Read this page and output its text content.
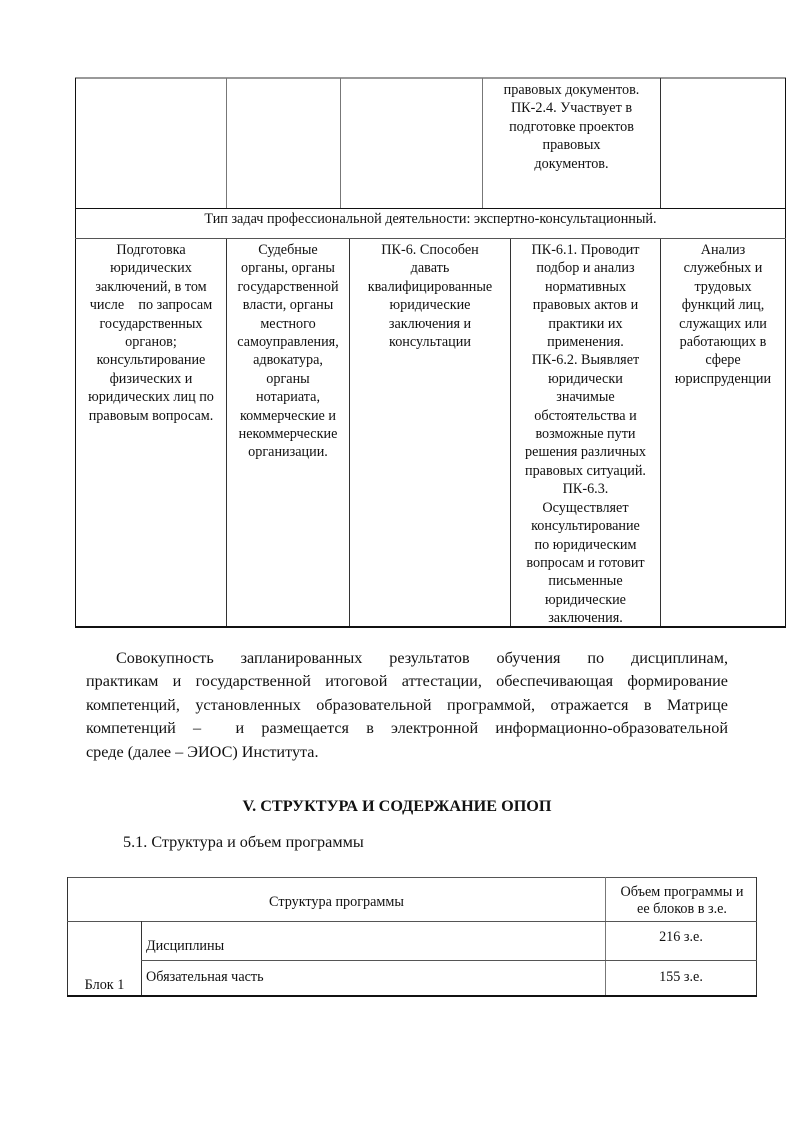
правовых документов.
ПК-2.4. Участвует в
подготовке проектов
правовых
документов.
Тип задач профессиональной деятельности: экспертно-консультационный.
Подготовка
юридических
заключений, в том
числе    по запросам
государственных
органов;
консультирование
физических и
юридических лиц по
правовым вопросам.
Судебные
органы, органы
государственной
власти, органы
местного
самоуправления,
адвокатура,
органы
нотариата,
коммерческие и
некоммерческие
организации.
ПК-6. Способен
давать
квалифицированные
юридические
заключения и
консультации
ПК-6.1. Проводит
подбор и анализ
нормативных
правовых актов и
практики их
применения.
ПК-6.2. Выявляет
юридически
значимые
обстоятельства и
возможные пути
решения различных
правовых ситуаций.
ПК-6.3.
Осуществляет
консультирование
по юридическим
вопросам и готовит
письменные
юридические
заключения.
Анализ
служебных и
трудовых
функций лиц,
служащих или
работающих в
сфере
юриспруденции
Совокупность запланированных результатов обучения по дисциплинам,
практикам и государственной итоговой аттестации, обеспечивающая формирование
компетенций, установленных образовательной программой, отражается в Матрице
компетенций –  и размещается в электронной информационно-образовательной
среде (далее – ЭИОС) Института.
V. СТРУКТУРА И СОДЕРЖАНИЕ ОПОП
5.1. Структура и объем программы
Структура программы
Объем программы и
ее блоков в з.е.
Блок 1
Дисциплины
216 з.е.
Обязательная часть	155 з.е.
